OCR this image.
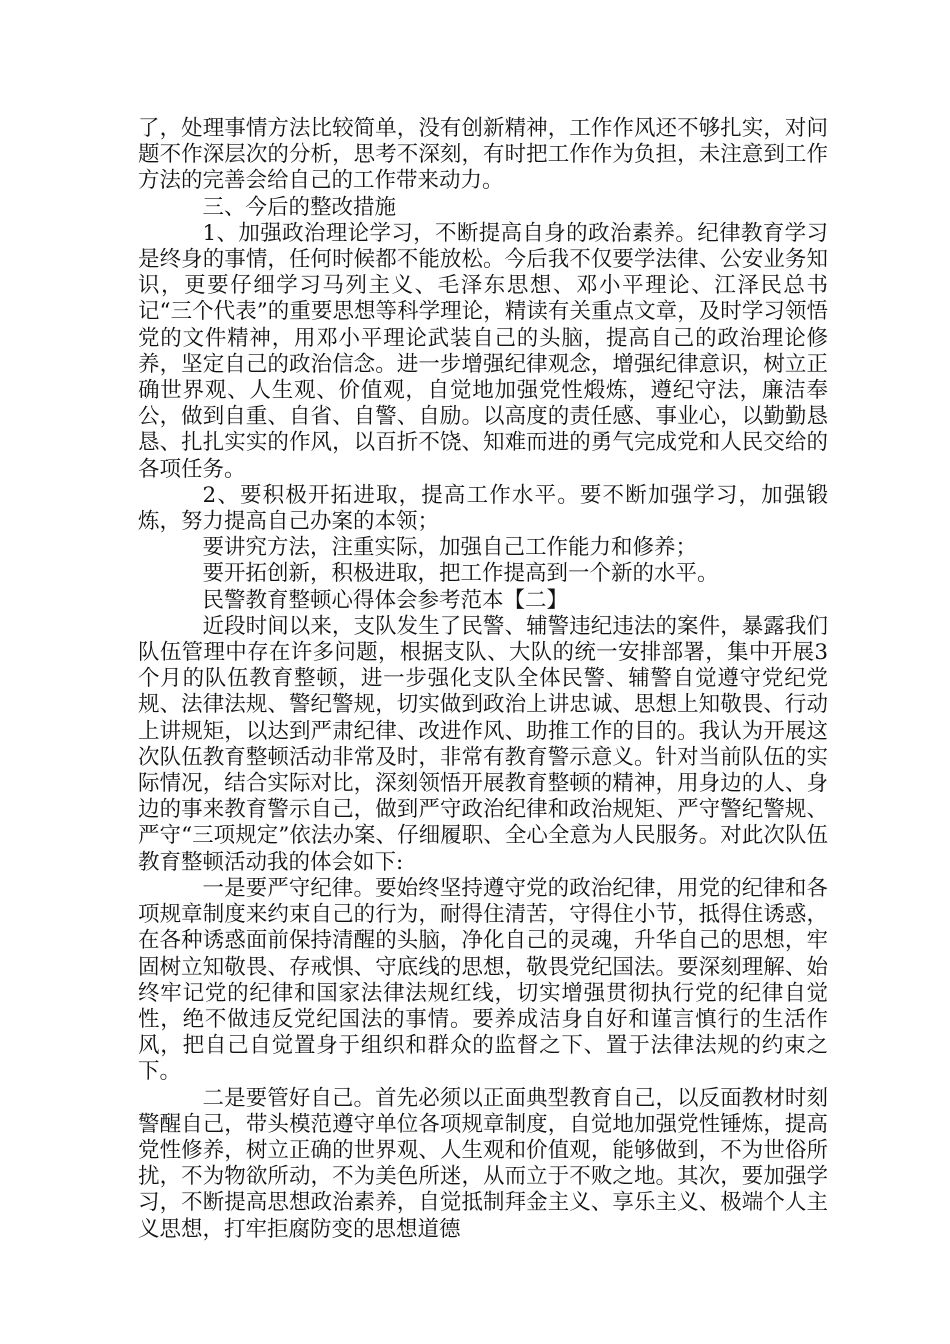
了，处理事情方法比较简单，没有创新精神，工作作风还不够扎实，对问题不作深层次的分析，思考不深刻，有时把工作作为负担，未注意到工作方法的完善会给自己的工作带来动力。

三、今后的整改措施

1、加强政治理论学习，不断提高自身的政治素养。纪律教育学习是终身的事情，任何时候都不能放松。今后我不仅要学法律、公安业务知识，更要仔细学习马列主义、毛泽东思想、邓小平理论、江泽民总书记“三个代表”的重要思想等科学理论，精读有关重点文章，及时学习领悟党的文件精神，用邓小平理论武装自己的头脑，提高自己的政治理论修养，坚定自己的政治信念。进一步增强纪律观念，增强纪律意识，树立正确世界观、人生观、价值观，自觉地加强党性煅炼，遵纪守法，廉洁奉公，做到自重、自省、自警、自励。以高度的责任感、事业心，以勤勤恳恳、扎扎实实的作风，以百折不饶、知难而进的勇气完成党和人民交给的各项任务。

2、要积极开拓进取，提高工作水平。要不断加强学习，加强锻炼，努力提高自己办案的本领；

要讲究方法，注重实际，加强自己工作能力和修养；

要开拓创新，积极进取，把工作提高到一个新的水平。

民警教育整顿心得体会参考范本【二】

近段时间以来，支队发生了民警、辅警违纪违法的案件，暴露我们队伍管理中存在许多问题，根据支队、大队的统一安排部署，集中开展3个月的队伍教育整顿，进一步强化支队全体民警、辅警自觉遵守党纪党规、法律法规、警纪警规，切实做到政治上讲忠诚、思想上知敬畏、行动上讲规矩，以达到严肃纪律、改进作风、助推工作的目的。我认为开展这次队伍教育整顿活动非常及时，非常有教育警示意义。针对当前队伍的实际情况，结合实际对比，深刻领悟开展教育整顿的精神，用身边的人、身边的事来教育警示自己，做到严守政治纪律和政治规矩、严守警纪警规、严守“三项规定”依法办案、仔细履职、全心全意为人民服务。对此次队伍教育整顿活动我的体会如下:

一是要严守纪律。要始终坚持遵守党的政治纪律，用党的纪律和各项规章制度来约束自己的行为，耐得住清苦，守得住小节，抵得住诱惑，在各种诱惑面前保持清醒的头脑，净化自己的灵魂，升华自己的思想，牢固树立知敬畏、存戒惧、守底线的思想，敬畏党纪国法。要深刻理解、始终牢记党的纪律和国家法律法规红线，切实增强贯彻执行党的纪律自觉性，绝不做违反党纪国法的事情。要养成洁身自好和谨言慎行的生活作风，把自己自觉置身于组织和群众的监督之下、置于法律法规的约束之下。

二是要管好自己。首先必须以正面典型教育自己，以反面教材时刻警醒自己，带头模范遵守单位各项规章制度，自觉地加强党性锤炼，提高党性修养，树立正确的世界观、人生观和价值观，能够做到，不为世俗所扰，不为物欲所动，不为美色所迷，从而立于不败之地。其次，要加强学习，不断提高思想政治素养，自觉抵制拜金主义、享乐主义、极端个人主义思想，打牢拒腐防变的思想道德
